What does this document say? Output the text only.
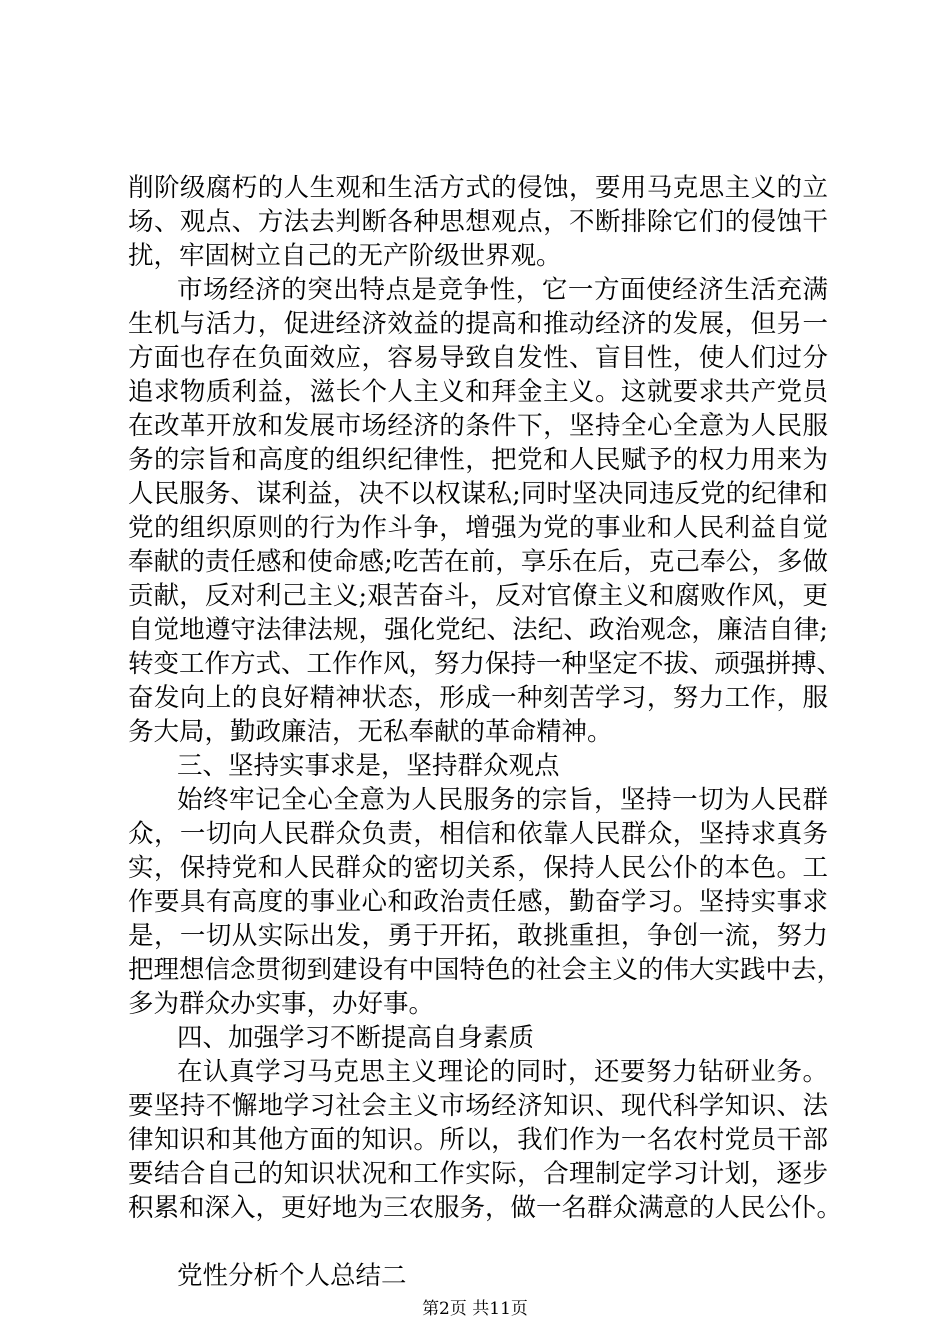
削阶级腐朽的人生观和生活方式的侵蚀，要用马克思主义的立
场、观点、方法去判断各种思想观点，不断排除它们的侵蚀干
扰，牢固树立自己的无产阶级世界观。
市场经济的突出特点是竞争性，它一方面使经济生活充满
生机与活力，促进经济效益的提高和推动经济的发展，但另一
方面也存在负面效应，容易导致自发性、盲目性，使人们过分
追求物质利益，滋长个人主义和拜金主义。这就要求共产党员
在改革开放和发展市场经济的条件下，坚持全心全意为人民服
务的宗旨和高度的组织纪律性，把党和人民赋予的权力用来为
人民服务、谋利益，决不以权谋私;同时坚决同违反党的纪律和
党的组织原则的行为作斗争，增强为党的事业和人民利益自觉
奉献的责任感和使命感;吃苦在前，享乐在后，克己奉公，多做
贡献，反对利己主义;艰苦奋斗，反对官僚主义和腐败作风，更
自觉地遵守法律法规，强化党纪、法纪、政治观念，廉洁自律;
转变工作方式、工作作风，努力保持一种坚定不拔、顽强拼搏、
奋发向上的良好精神状态，形成一种刻苦学习，努力工作，服
务大局，勤政廉洁，无私奉献的革命精神。
三、坚持实事求是，坚持群众观点
始终牢记全心全意为人民服务的宗旨，坚持一切为人民群
众，一切向人民群众负责，相信和依靠人民群众，坚持求真务
实，保持党和人民群众的密切关系，保持人民公仆的本色。工
作要具有高度的事业心和政治责任感，勤奋学习。坚持实事求
是，一切从实际出发，勇于开拓，敢挑重担，争创一流，努力
把理想信念贯彻到建设有中国特色的社会主义的伟大实践中去，
多为群众办实事，办好事。
四、加强学习不断提高自身素质
在认真学习马克思主义理论的同时，还要努力钻研业务。
要坚持不懈地学习社会主义市场经济知识、现代科学知识、法
律知识和其他方面的知识。所以，我们作为一名农村党员干部
要结合自己的知识状况和工作实际，合理制定学习计划，逐步
积累和深入，更好地为三农服务，做一名群众满意的人民公仆。
党性分析个人总结二
第2页 共11页
